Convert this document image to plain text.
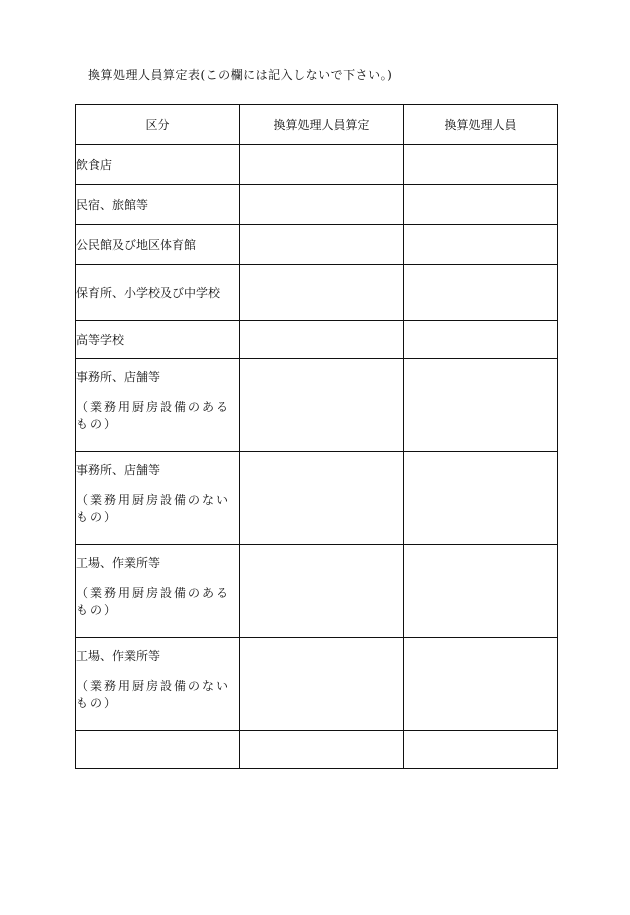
換算処理人員算定表(この欄には記入しないで下さい。)
区分	換算処理人員算定	換算処理人員

飲食店		

民宿、旅館等		

公民館及び地区体育館		

保育所、小学校及び中学校		

高等学校		

事務所、店舗等
（業務用厨房設備のあるもの）		

事務所、店舗等
（業務用厨房設備のないもの）		

工場、作業所等
（業務用厨房設備のあるもの）		

工場、作業所等
（業務用厨房設備のないもの）		
